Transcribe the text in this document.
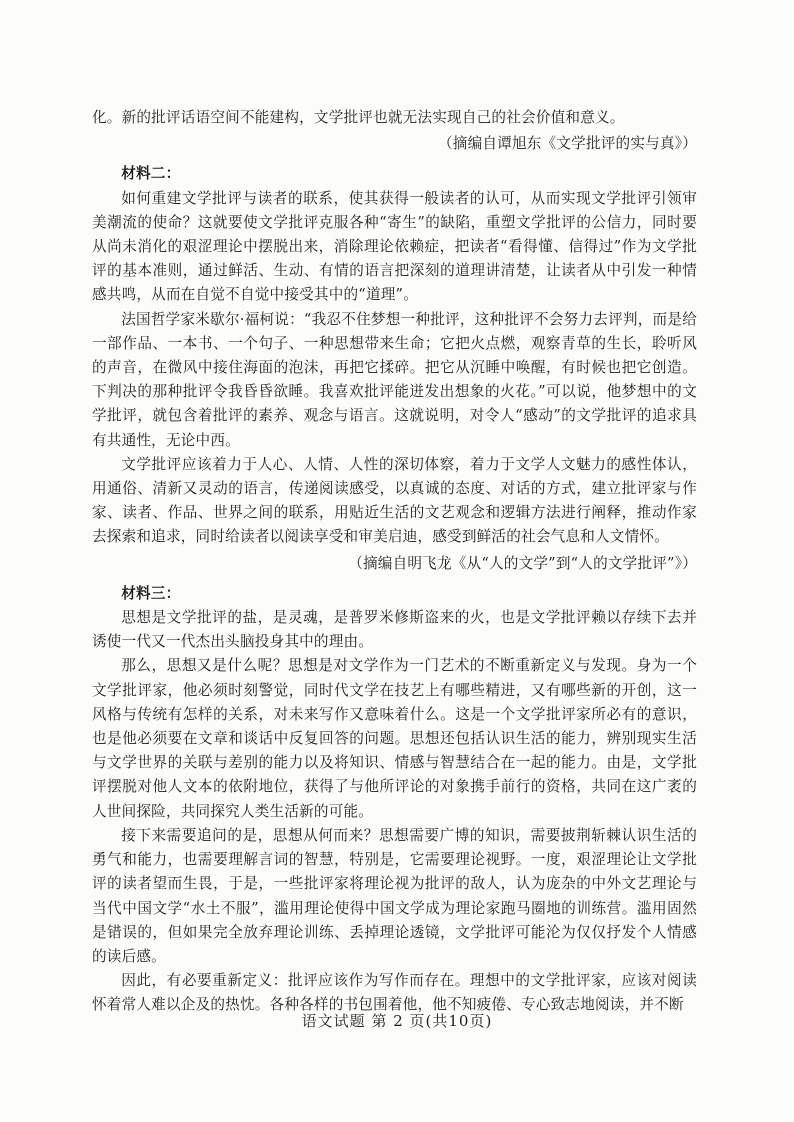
化。新的批评话语空间不能建构，文学批评也就无法实现自己的社会价值和意义。

（摘编自谭旭东《文学批评的实与真》）

材料二：

如何重建文学批评与读者的联系，使其获得一般读者的认可，从而实现文学批评引领审美潮流的使命？这就要使文学批评克服各种“寄生”的缺陷，重塑文学批评的公信力，同时要从尚未消化的艰涩理论中摆脱出来，消除理论依赖症，把读者“看得懂、信得过”作为文学批评的基本准则，通过鲜活、生动、有情的语言把深刻的道理讲清楚，让读者从中引发一种情感共鸣，从而在自觉不自觉中接受其中的“道理”。

法国哲学家米歇尔·福柯说：“我忍不住梦想一种批评，这种批评不会努力去评判，而是给一部作品、一本书、一个句子、一种思想带来生命；它把火点燃，观察青草的生长，聆听风的声音，在微风中接住海面的泡沫，再把它揉碎。把它从沉睡中唤醒，有时候也把它创造。下判决的那种批评令我昏昏欲睡。我喜欢批评能迸发出想象的火花。”可以说，他梦想中的文学批评，就包含着批评的素养、观念与语言。这就说明，对令人“感动”的文学批评的追求具有共通性，无论中西。

文学批评应该着力于人心、人情、人性的深切体察，着力于文学人文魅力的感性体认，用通俗、清新又灵动的语言，传递阅读感受，以真诚的态度、对话的方式，建立批评家与作家、读者、作品、世界之间的联系，用贴近生活的文艺观念和逻辑方法进行阐释，推动作家去探索和追求，同时给读者以阅读享受和审美启迪，感受到鲜活的社会气息和人文情怀。

（摘编自明飞龙《从“人的文学”到“人的文学批评”》）

材料三：

思想是文学批评的盐，是灵魂，是普罗米修斯盗来的火，也是文学批评赖以存续下去并诱使一代又一代杰出头脑投身其中的理由。

那么，思想又是什么呢？思想是对文学作为一门艺术的不断重新定义与发现。身为一个文学批评家，他必须时刻警觉，同时代文学在技艺上有哪些精进，又有哪些新的开创，这一风格与传统有怎样的关系，对未来写作又意味着什么。这是一个文学批评家所必有的意识，也是他必须要在文章和谈话中反复回答的问题。思想还包括认识生活的能力，辨别现实生活与文学世界的关联与差别的能力以及将知识、情感与智慧结合在一起的能力。由是，文学批评摆脱对他人文本的依附地位，获得了与他所评论的对象携手前行的资格，共同在这广袤的人世间探险，共同探究人类生活新的可能。

接下来需要追问的是，思想从何而来？思想需要广博的知识，需要披荆斩棘认识生活的勇气和能力，也需要理解言词的智慧，特别是，它需要理论视野。一度，艰涩理论让文学批评的读者望而生畏，于是，一些批评家将理论视为批评的敌人，认为庞杂的中外文艺理论与当代中国文学“水土不服”，滥用理论使得中国文学成为理论家跑马圈地的训练营。滥用固然是错误的，但如果完全放弃理论训练、丢掉理论透镜，文学批评可能沦为仅仅抒发个人情感的读后感。

因此，有必要重新定义：批评应该作为写作而存在。理想中的文学批评家，应该对阅读怀着常人难以企及的热忱。各种各样的书包围着他，他不知疲倦、专心致志地阅读，并不断

语文试题 第 2 页(共10页)
